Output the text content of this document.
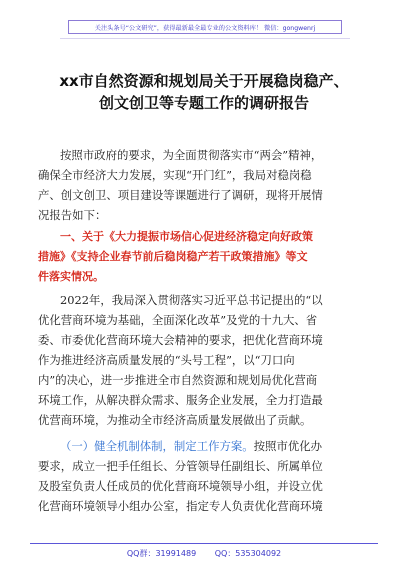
关注头条号“公文研究”，获得最新最全最专业的公文资料库！ 微信：gongwenrj
xx市自然资源和规划局关于开展稳岗稳产、
创文创卫等专题工作的调研报告
按照市政府的要求，为全面贯彻落实市“两会”精神，
确保全市经济大力发展，实现“开门红”，我局对稳岗稳
产、创文创卫、项目建设等课题进行了调研，现将开展情
况报告如下：
一、关于《大力提振市场信心促进经济稳定向好政策
措施》《支持企业春节前后稳岗稳产若干政策措施》等文
件落实情况。
2022年，我局深入贯彻落实习近平总书记提出的“以
优化营商环境为基础，全面深化改革”及党的十九大、省
委、市委优化营商环境大会精神的要求，把优化营商环境
作为推进经济高质量发展的“头号工程”，以“刀口向
内”的决心，进一步推进全市自然资源和规划局优化营商
环境工作，从解决群众需求、服务企业发展，全力打造最
优营商环境，为推动全市经济高质量发展做出了贡献。
（一）健全机制体制，制定工作方案。按照市优化办
要求，成立一把手任组长、分管领导任副组长、所属单位
及股室负责人任成员的优化营商环境领导小组，并设立优
化营商环境领导小组办公室，指定专人负责优化营商环境
QQ群：31991489 QQ：535304092
